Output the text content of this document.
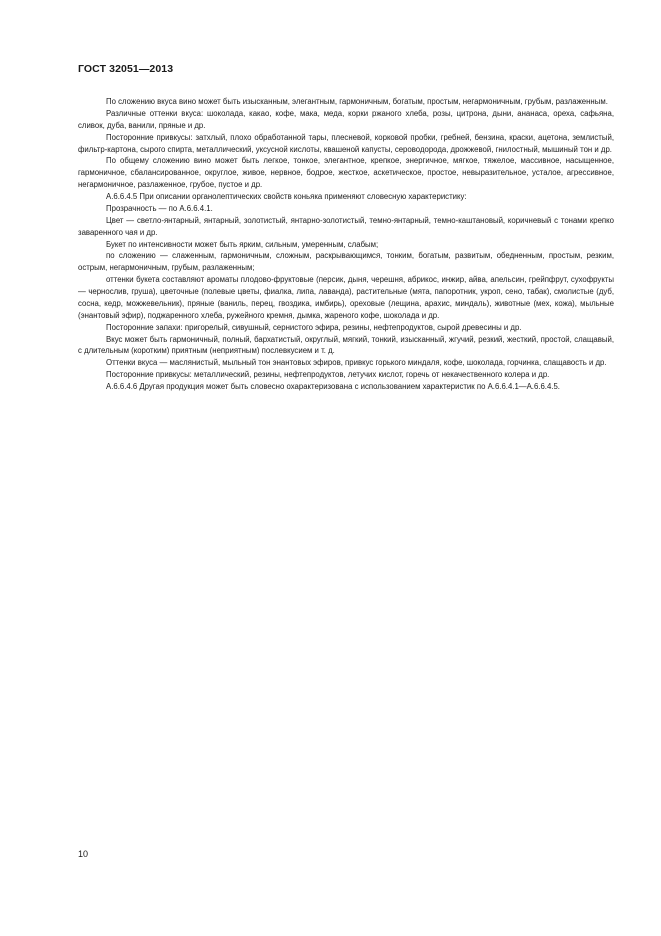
ГОСТ 32051—2013

По сложению вкуса вино может быть изысканным, элегантным, гармоничным, богатым, простым, негармоничным, грубым, разлаженным.

Различные оттенки вкуса: шоколада, какао, кофе, мака, меда, корки ржаного хлеба, розы, цитрона, дыни, ананаса, ореха, сафьяна, сливок, дуба, ванили, пряные и др.

Посторонние привкусы: затхлый, плохо обработанной тары, плесневой, корковой пробки, гребней, бензина, краски, ацетона, землистый, фильтр-картона, сырого спирта, металлический, уксусной кислоты, квашеной капусты, сероводорода, дрожжевой, гнилостный, мышиный тон и др.

По общему сложению вино может быть легкое, тонкое, элегантное, крепкое, энергичное, мягкое, тяжелое, массивное, насыщенное, гармоничное, сбалансированное, округлое, живое, нервное, бодрое, жесткое, аскетическое, простое, невыразительное, усталое, агрессивное, негармоничное, разлаженное, грубое, пустое и др.

А.6.6.4.5 При описании органолептических свойств коньяка применяют словесную характеристику:

Прозрачность — по А.6.6.4.1.

Цвет — светло-янтарный, янтарный, золотистый, янтарно-золотистый, темно-янтарный, темно-каштановый, коричневый с тонами крепко заваренного чая и др.

Букет по интенсивности может быть ярким, сильным, умеренным, слабым;

по сложению — слаженным, гармоничным, сложным, раскрывающимся, тонким, богатым, развитым, обедненным, простым, резким, острым, негармоничным, грубым, разлаженным;

оттенки букета составляют ароматы плодово-фруктовые (персик, дыня, черешня, абрикос, инжир, айва, апельсин, грейпфрут, сухофрукты — чернослив, груша), цветочные (полевые цветы, фиалка, липа, лаванда), растительные (мята, папоротник, укроп, сено, табак), смолистые (дуб, сосна, кедр, можжевельник), пряные (ваниль, перец, гвоздика, имбирь), ореховые (лещина, арахис, миндаль), животные (мех, кожа), мыльные (энантовый эфир), поджаренного хлеба, ружейного кремня, дымка, жареного кофе, шоколада и др.

Посторонние запахи: пригорелый, сивушный, сернистого эфира, резины, нефтепродуктов, сырой древесины и др.

Вкус может быть гармоничный, полный, бархатистый, округлый, мягкий, тонкий, изысканный, жгучий, резкий, жесткий, простой, слащавый, с длительным (коротким) приятным (неприятным) послевкусием и т. д.

Оттенки вкуса — маслянистый, мыльный тон энантовых эфиров, привкус горького миндаля, кофе, шоколада, горчинка, слащавость и др.

Посторонние привкусы: металлический, резины, нефтепродуктов, летучих кислот, горечь от некачественного колера и др.

А.6.6.4.6 Другая продукция может быть словесно охарактеризована с использованием характеристик по А.6.6.4.1—А.6.6.4.5.

10
